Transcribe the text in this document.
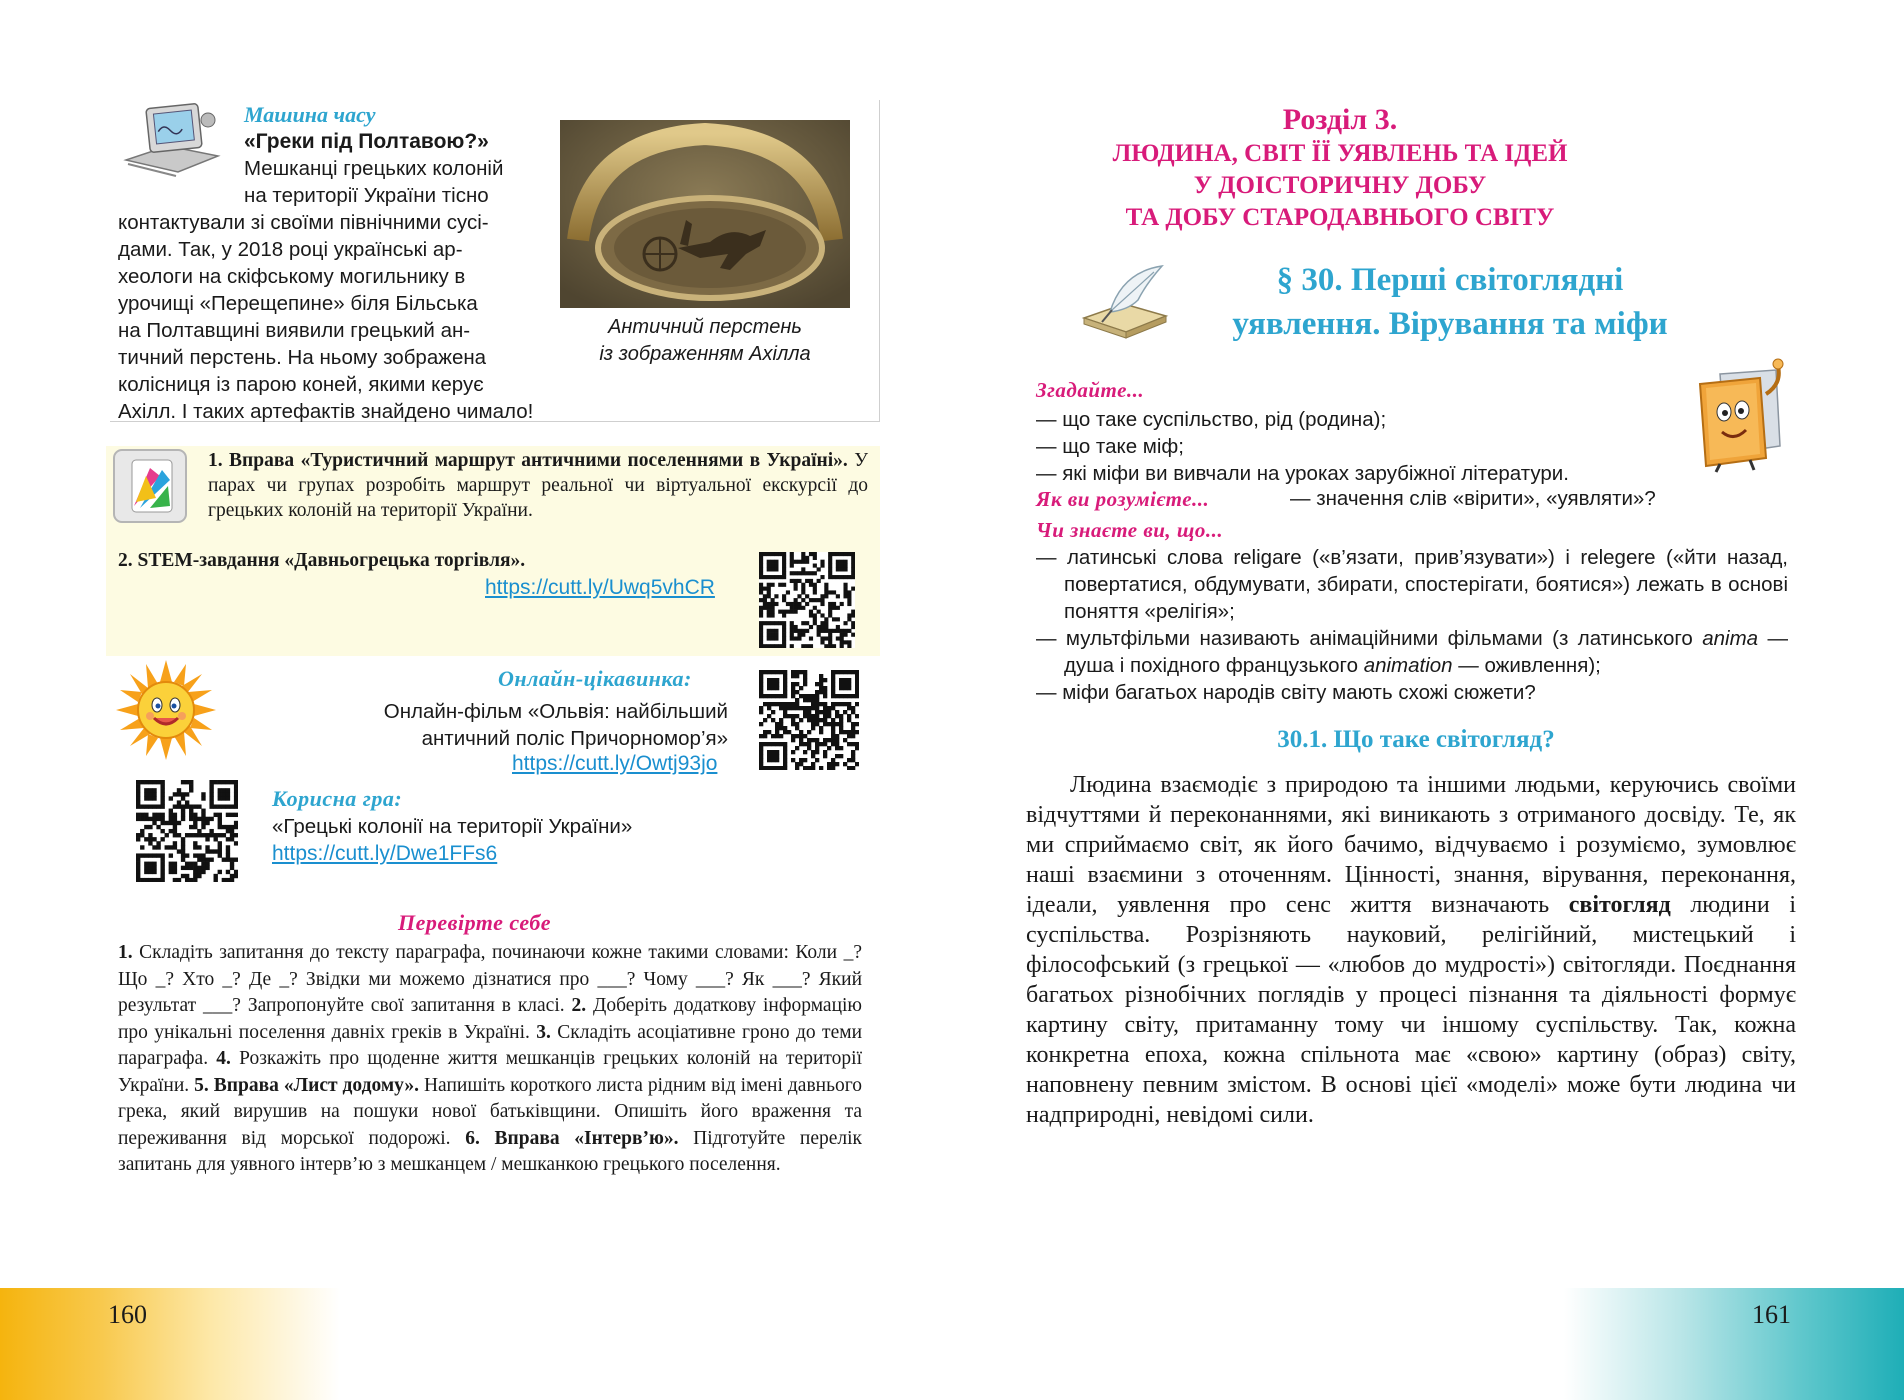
Машина часу
«Греки під Полтавою?»
Мешканці грецьких колоній
на території України тісно
контактували зі своїми північними сусі-
дами. Так, у 2018 році українські ар-
хеологи на скіфському могильнику в
урочищі «Перещепине» біля Більська
на Полтавщині виявили грецький ан-
тичний перстень. На ньому зображена
колісниця із парою коней, якими керує
Ахілл. І таких артефактів знайдено чимало!
Античний перстень
із зображенням Ахілла
1. Вправа «Туристичний маршрут античними поселеннями в Україні». У парах чи групах розробіть маршрут реальної чи віртуальної екскурсії до грецьких колоній на території України.
2. STEM-завдання «Давньогрецька торгівля».
https://cutt.ly/Uwq5vhCR
Онлайн-цікавинка:
Онлайн-фільм «Ольвія: найбільший
античний поліс Причорномор’я»
https://cutt.ly/Owtj93jo
Корисна гра:
«Грецькі колонії на території України»
https://cutt.ly/Dwe1FFs6
Перевірте себе
1. Складіть запитання до тексту параграфа, починаючи кожне такими словами: Коли _? Що _? Хто _? Де _? Звідки ми можемо дізнатися про ___? Чому ___? Як ___? Який результат ___? Запропонуйте свої запитання в класі. 2. Доберіть додаткову інформацію про унікальні поселення давніх греків в Україні. 3. Складіть асоціативне гроно до теми параграфа. 4. Розкажіть про щоденне життя мешканців грецьких колоній на території України. 5. Вправа «Лист додому». Напишіть короткого листа рідним від імені давнього грека, який вирушив на пошуки нової батьківщини. Опишіть його враження та переживання від морської подорожі. 6. Вправа «Інтерв’ю». Підготуйте перелік запитань для уявного інтерв’ю з мешканцем / мешканкою грецького поселення.
Розділ 3.
ЛЮДИНА, СВІТ ЇЇ УЯВЛЕНЬ ТА ІДЕЙ
У ДОІСТОРИЧНУ ДОБУ
ТА ДОБУ СТАРОДАВНЬОГО СВІТУ
§ 30. Перші світоглядні
уявлення. Вірування та міфи
Згадайте...
— що таке суспільство, рід (родина);
— що таке міф;
— які міфи ви вивчали на уроках зарубіжної літератури.
Як ви розумієте...	— значення слів «вірити», «уявляти»?
Чи знаєте ви, що...
— латинські слова religare («в’язати, прив’язувати») і relegere («йти назад, повертатися, обдумувати, збирати, спостерігати, боятися») лежать в основі поняття «релігія»;
— мультфільми називають анімаційними фільмами (з латинського anima — душа і похідного французького animation — оживлення);
— міфи багатьох народів світу мають схожі сюжети?
30.1. Що таке світогляд?
Людина взаємодіє з природою та іншими людьми, керуючись своїми відчуттями й переконаннями, які виникають з отриманого досвіду. Те, як ми сприймаємо світ, як його бачимо, відчуваємо і розуміємо, зумовлює наші взаємини з оточенням. Цінності, знання, вірування, переконання, ідеали, уявлення про сенс життя визначають світогляд людини і суспільства. Розрізняють науковий, релігійний, мистецький і філософський (з грецької — «любов до мудрості») світогляди. Поєднання багатьох різнобічних поглядів у процесі пізнання та діяльності формує картину світу, притаманну тому чи іншому суспільству. Так, кожна конкретна епоха, кожна спільнота має «свою» картину (образ) світу, наповнену певним змістом. В основі цієї «моделі» може бути людина чи надприродні, невідомі сили.
160	161
